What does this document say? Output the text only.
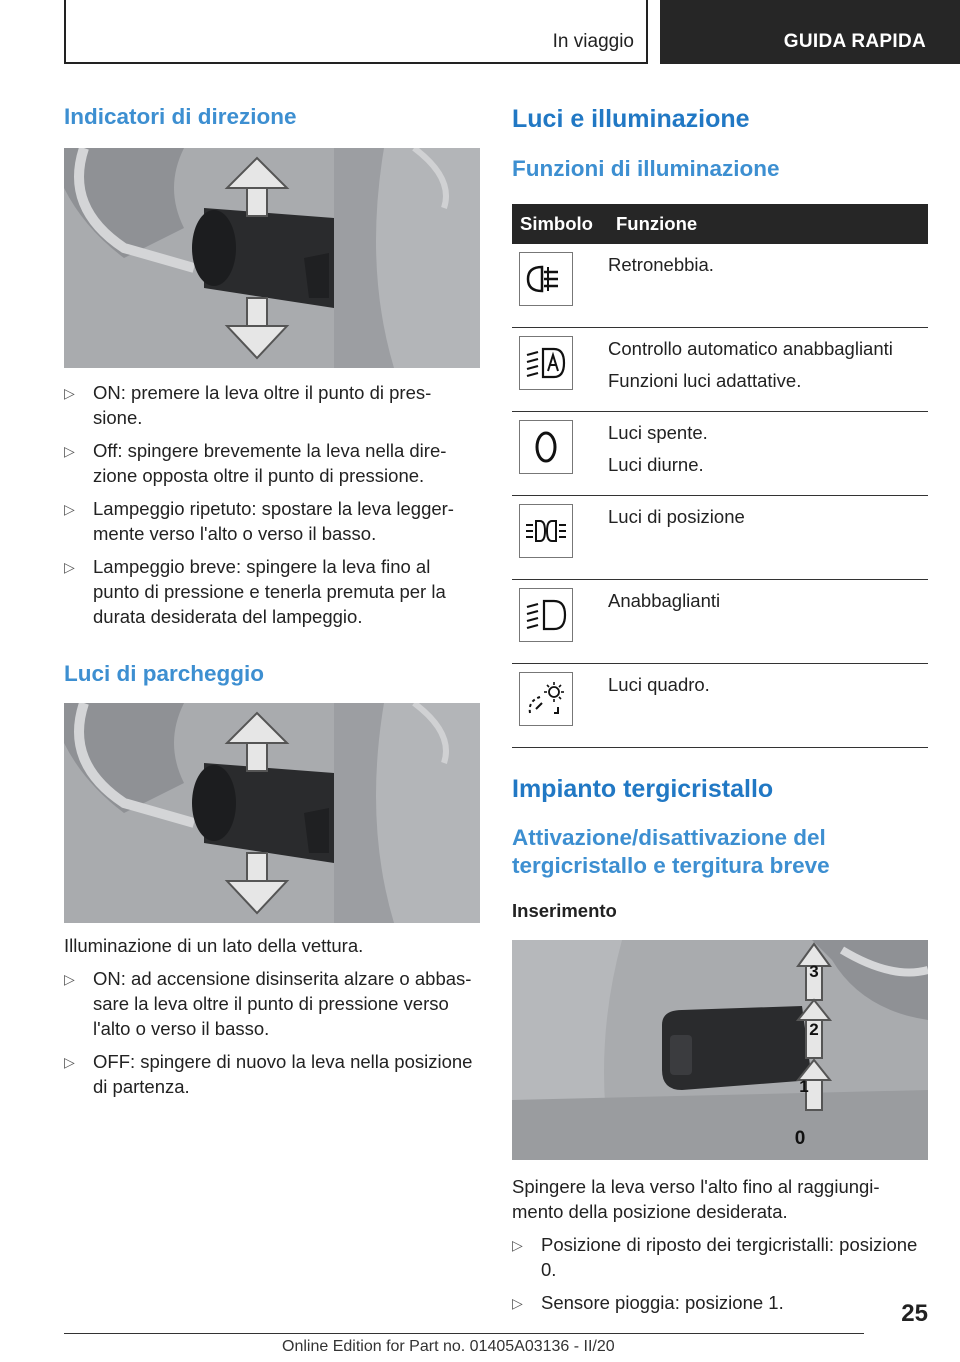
In viaggio	GUIDA RAPIDA
Indicatori di direzione
▷ ON: premere la leva oltre il punto di pres-
sione.
▷ Off: spingere brevemente la leva nella dire-
zione opposta oltre il punto di pressione.
▷ Lampeggio ripetuto: spostare la leva legger-
mente verso l'alto o verso il basso.
▷ Lampeggio breve: spingere la leva fino al
punto di pressione e tenerla premuta per la
durata desiderata del lampeggio.
Luci di parcheggio

Illuminazione di un lato della vettura.

▷ ON: ad accensione disinserita alzare o abbas-
sare la leva oltre il punto di pressione verso
l'alto o verso il basso.
▷ OFF: spingere di nuovo la leva nella posizione
di partenza.
Luci e illuminazione
Funzioni di illuminazione
Simbolo	Funzione

Retronebbia.

Controllo automatico anabbaglianti
Funzioni luci adattative.

Luci spente.
Luci diurne.

Luci di posizione

Anabbaglianti

Luci quadro.
Impianto tergicristallo
Attivazione/disattivazione del
tergicristallo e tergitura breve
Inserimento
3
2
1
0

Spingere la leva verso l'alto fino al raggiungi-
mento della posizione desiderata.

▷ Posizione di riposto dei tergicristalli: posizione
0.
▷ Sensore pioggia: posizione 1.	25
Online Edition for Part no. 01405A03136 - II/20
